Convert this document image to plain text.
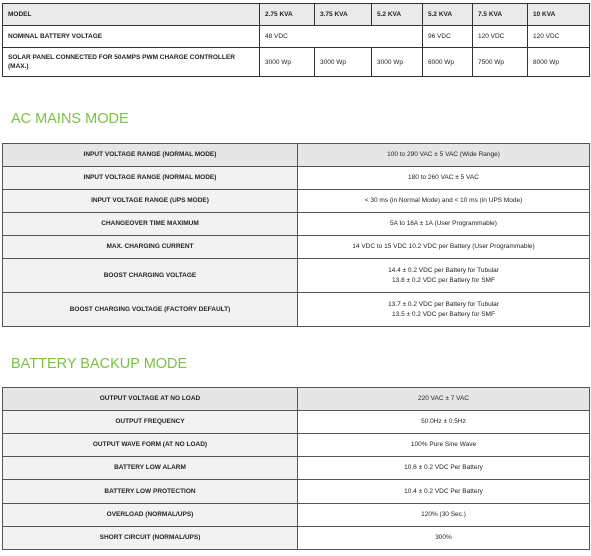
MODEL	2.75 KVA	3.75 KVA	5.2 KVA	5.2 KVA	7.5 KVA	10 KVA
NOMINAL BATTERY VOLTAGE	48 VDC			96 VDC	120 VDC	120 VDC
SOLAR PANEL CONNECTED FOR 50AMPS PWM CHARGE CONTROLLER (MAX.)	3000 Wp	3000 Wp	3000 Wp	6000 Wp	7500 Wp	8000 Wp
AC MAINS MODE
INPUT VOLTAGE RANGE (NORMAL MODE)	100 to 290 VAC ± 5 VAC (Wide Range)

INPUT VOLTAGE RANGE (NORMAL MODE)	180 to 260 VAC ± 5 VAC

INPUT VOLTAGE RANGE (UPS MODE)	< 30 ms (in Normal Mode) and < 10 ms (in UPS Mode)

CHANGEOVER TIME MAXIMUM	5A to 18A ± 1A (User Programmable)

MAX. CHARGING CURRENT	14 VDC to 15 VDC 10.2 VDC per Battery (User Programmable)

BOOST CHARGING VOLTAGE	14.4 ± 0.2 VDC per Battery for Tubular
13.8 ± 0.2 VDC per Battery for SMF

BOOST CHARGING VOLTAGE (FACTORY DEFAULT)	13.7 ± 0.2 VDC per Battery for Tubular
13.5 ± 0.2 VDC per Battery for SMF
BATTERY BACKUP MODE
OUTPUT VOLTAGE AT NO LOAD	220 VAC ± 7 VAC

OUTPUT FREQUENCY	50.0Hz ± 0.5Hz

OUTPUT WAVE FORM (AT NO LOAD)	100% Pure Sine Wave

BATTERY LOW ALARM	10.6 ± 0.2 VDC Per Battery

BATTERY LOW PROTECTION	10.4 ± 0.2 VDC Per Battery

OVERLOAD (NORMAL/UPS)	120% (30 Sec.)

SHORT CIRCUIT (NORMAL/UPS)	300%
